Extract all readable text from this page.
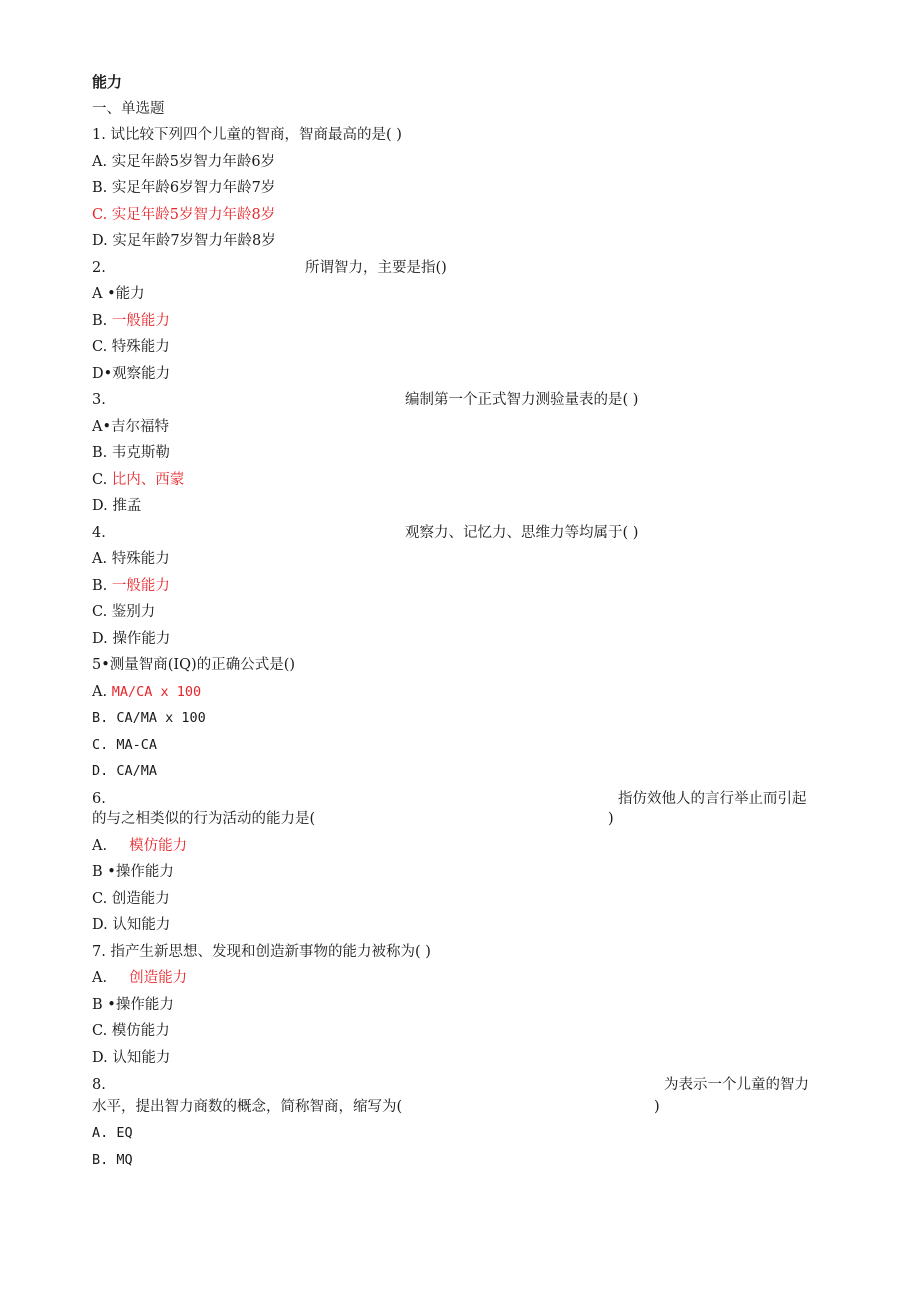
能力
一、单选题
1. 试比较下列四个儿童的智商，智商最高的是( )
A. 实足年龄5岁智力年龄6岁
B. 实足年龄6岁智力年龄7岁
C. 实足年龄5岁智力年龄8岁
D. 实足年龄7岁智力年龄8岁
2.	所谓智力，主要是指()
A •能力
B. 一般能力
C. 特殊能力
D•观察能力
3.	编制第一个正式智力测验量表的是( )
A•吉尔福特
B. 韦克斯勒
C. 比内、西蒙
D. 推孟
4.	观察力、记忆力、思维力等均属于( )
A. 特殊能力
B. 一般能力
C. 鉴别力
D. 操作能力
5•测量智商(IQ)的正确公式是()
A. MA/CA x 100
B. CA/MA x 100
C. MA-CA
D. CA/MA
6.	指仿效他人的言行举止而引起
的与之相类似的行为活动的能力是(	)
A. 模仿能力
B •操作能力
C. 创造能力
D. 认知能力
7. 指产生新思想、发现和创造新事物的能力被称为( )
A. 创造能力
B •操作能力
C. 模仿能力
D. 认知能力
8.	为表示一个儿童的智力
水平，提出智力商数的概念，简称智商，缩写为(	)
A. EQ
B. MQ
